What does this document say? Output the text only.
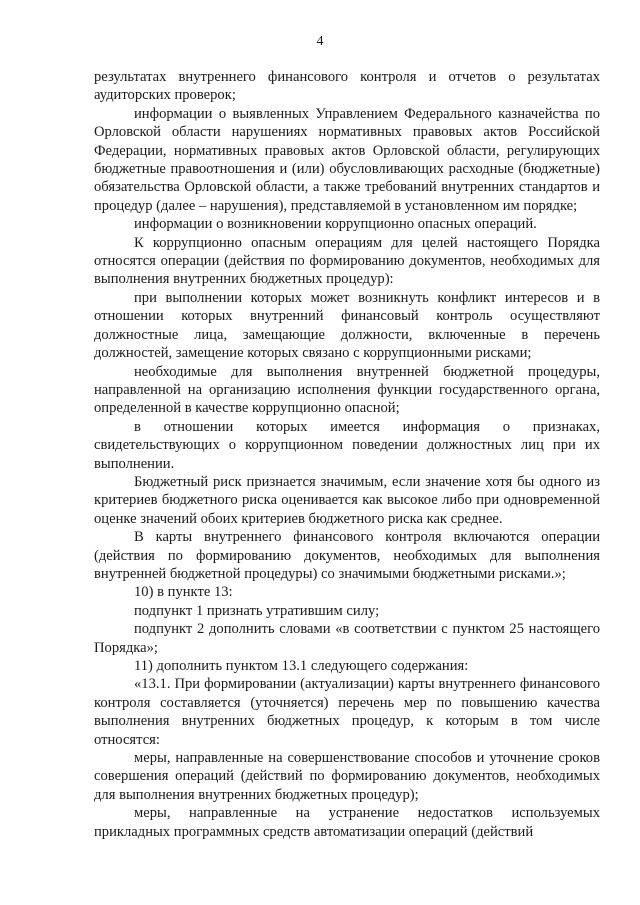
4

результатах внутреннего финансового контроля и отчетов о результатах аудиторских проверок;

информации о выявленных Управлением Федерального казначейства по Орловской области нарушениях нормативных правовых актов Российской Федерации, нормативных правовых актов Орловской области, регулирующих бюджетные правоотношения и (или) обусловливающих расходные (бюджетные) обязательства Орловской области, а также требований внутренних стандартов и процедур (далее – нарушения), представляемой в установленном им порядке;

информации о возникновении коррупционно опасных операций.

К коррупционно опасным операциям для целей настоящего Порядка относятся операции (действия по формированию документов, необходимых для выполнения внутренних бюджетных процедур):

при выполнении которых может возникнуть конфликт интересов и в отношении которых внутренний финансовый контроль осуществляют должностные лица, замещающие должности, включенные в перечень должностей, замещение которых связано с коррупционными рисками;

необходимые для выполнения внутренней бюджетной процедуры, направленной на организацию исполнения функции государственного органа, определенной в качестве коррупционно опасной;

в отношении которых имеется информация о признаках, свидетельствующих о коррупционном поведении должностных лиц при их выполнении.

Бюджетный риск признается значимым, если значение хотя бы одного из критериев бюджетного риска оценивается как высокое либо при одновременной оценке значений обоих критериев бюджетного риска как среднее.

В карты внутреннего финансового контроля включаются операции (действия по формированию документов, необходимых для выполнения внутренней бюджетной процедуры) со значимыми бюджетными рисками.»;

10) в пункте 13:

подпункт 1 признать утратившим силу;

подпункт 2 дополнить словами «в соответствии с пунктом 25 настоящего Порядка»;

11) дополнить пунктом 13.1 следующего содержания:

«13.1. При формировании (актуализации) карты внутреннего финансового контроля составляется (уточняется) перечень мер по повышению качества выполнения внутренних бюджетных процедур, к которым в том числе относятся:

меры, направленные на совершенствование способов и уточнение сроков совершения операций (действий по формированию документов, необходимых для выполнения внутренних бюджетных процедур);

меры, направленные на устранение недостатков используемых прикладных программных средств автоматизации операций (действий
